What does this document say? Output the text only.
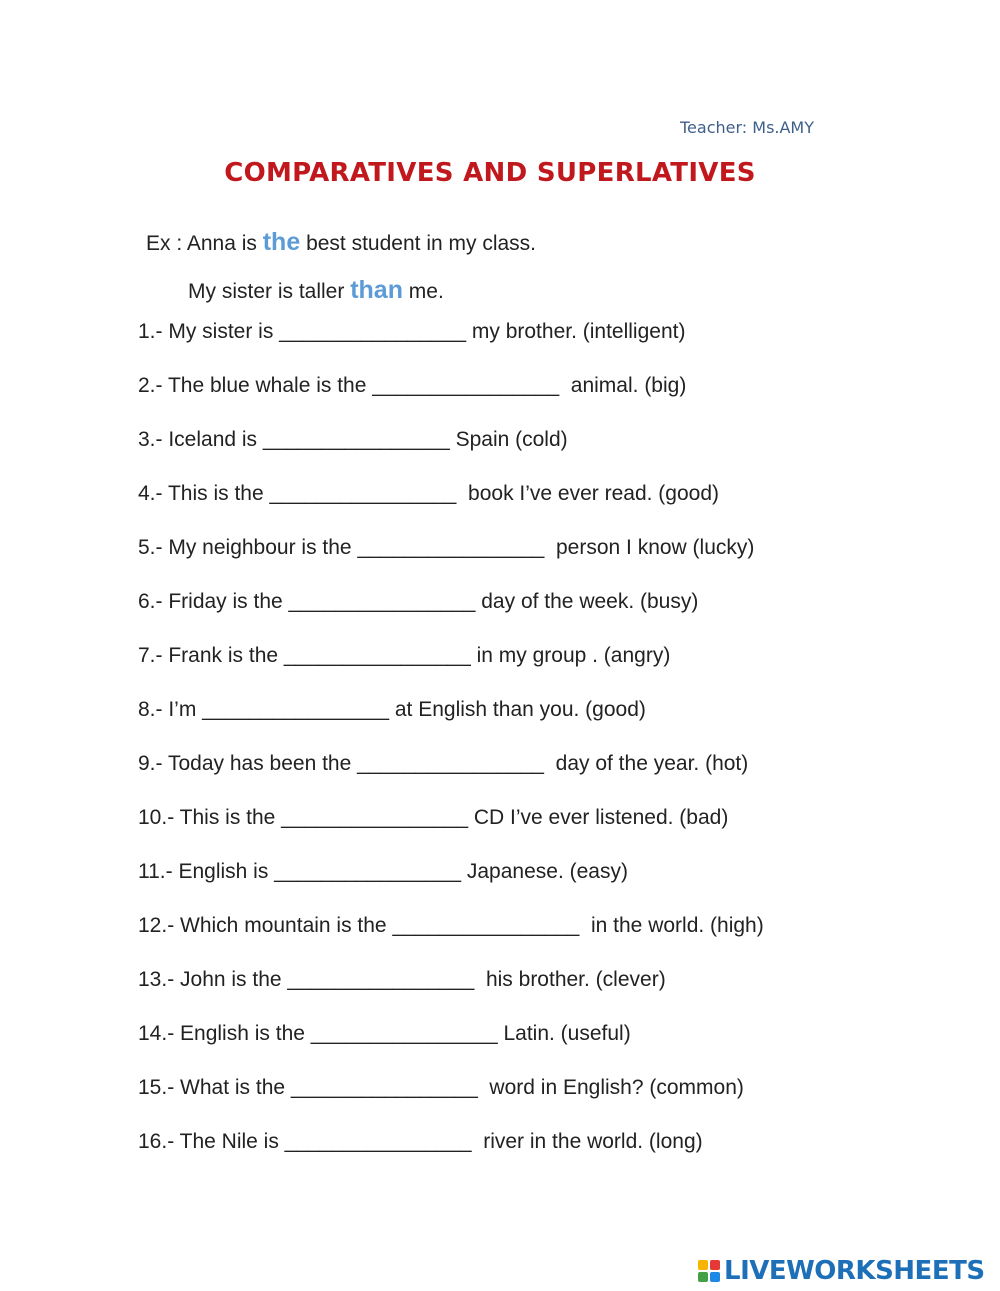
Teacher: Ms.AMY
COMPARATIVES AND SUPERLATIVES
Ex : Anna is the best student in my class.
My sister is taller than me.

1.- My sister is ________________ my brother. (intelligent)

2.- The blue whale is the ________________  animal. (big)

3.- Iceland is ________________ Spain (cold)

4.- This is the ________________  book I’ve ever read. (good)

5.- My neighbour is the ________________  person I know (lucky)

6.- Friday is the ________________ day of the week. (busy)

7.- Frank is the ________________ in my group . (angry)

8.- I’m ________________ at English than you. (good)

9.- Today has been the ________________  day of the year. (hot)

10.- This is the ________________ CD I’ve ever listened. (bad)

11.- English is ________________ Japanese. (easy)

12.- Which mountain is the ________________  in the world. (high)

13.- John is the ________________  his brother. (clever)

14.- English is the ________________ Latin. (useful)

15.- What is the ________________  word in English? (common)

16.- The Nile is ________________  river in the world. (long)

LIVEWORKSHEETS
